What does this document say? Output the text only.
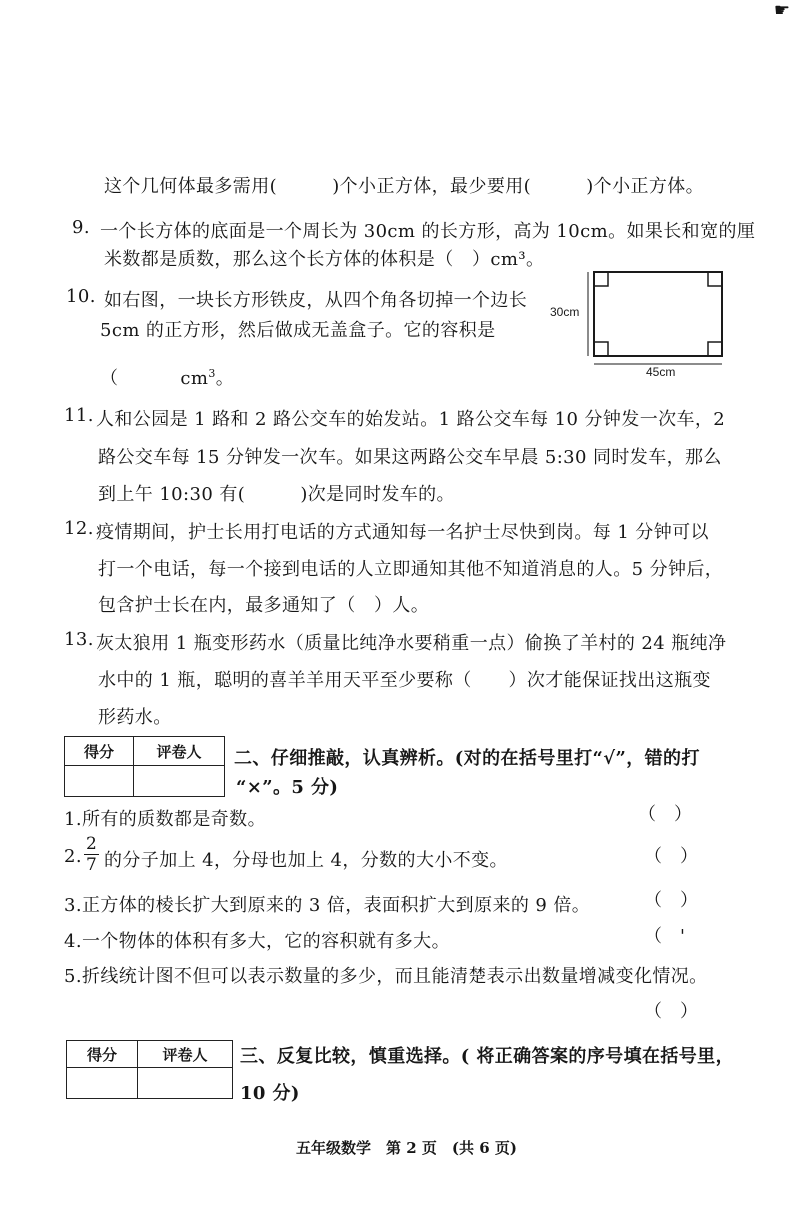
☛
这个几何体最多需用(　　　)个小正方体，最少要用(　　　)个小正方体。
9. 一个长方体的底面是一个周长为 30cm 的长方形，高为 10cm。如果长和宽的厘
米数都是质数，那么这个长方体的体积是（　）cm³。
10. 如右图，一块长方形铁皮，从四个角各切掉一个边长
5cm 的正方形，然后做成无盖盒子。它的容积是
（	$cm^3$。
30cm
45cm
11. 人和公园是 1 路和 2 路公交车的始发站。1 路公交车每 10 分钟发一次车，2
路公交车每 15 分钟发一次车。如果这两路公交车早晨 5:30 同时发车，那么
到上午 10:30 有(　　　)次是同时发车的。
12. 疫情期间，护士长用打电话的方式通知每一名护士尽快到岗。每 1 分钟可以
打一个电话，每一个接到电话的人立即通知其他不知道消息的人。5 分钟后，
包含护士长在内，最多通知了（　）人。
13. 灰太狼用 1 瓶变形药水（质量比纯净水要稍重一点）偷换了羊村的 24 瓶纯净
水中的 1 瓶，聪明的喜羊羊用天平至少要称（　　）次才能保证找出这瓶变
形药水。
得分	评卷人
	二、仔细推敲，认真辨析。(对的在括号里打“√”，错的打
“×”。5 分)
1.所有的质数都是奇数。	（　）
2. $\frac{2}{7}$ 的分子加上 4，分母也加上 4，分数的大小不变。	（　）
3.正方体的棱长扩大到原来的 3 倍，表面积扩大到原来的 9 倍。	（　）
4.一个物体的体积有多大，它的容积就有多大。	（　'
5.折线统计图不但可以表示数量的多少，而且能清楚表示出数量增减变化情况。
（　）
得分	评卷人
	三、反复比较，慎重选择。( 将正确答案的序号填在括号里，
10 分)
五年级数学　第 2 页　(共 6 页)
